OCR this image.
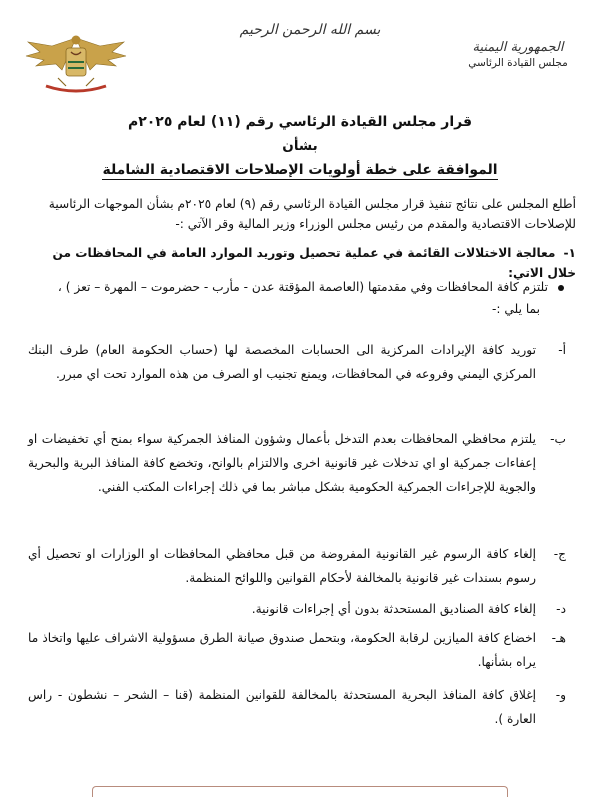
بسم الله الرحمن الرحيم
الجمهورية اليمنية
مجلس القيادة الرئاسي
قرار مجلس القيادة الرئاسي رقم (١١) لعام ٢٠٢٥م
بشأن
الموافقة على خطة أولويات الإصلاحات الاقتصادية الشاملة

أطلع المجلس على نتائج تنفيذ قرار مجلس القيادة الرئاسي رقم (٩) لعام ٢٠٢٥م بشأن الموجهات الرئاسية للإصلاحات الاقتصادية والمقدم من رئيس مجلس الوزراء وزير المالية وقر الآتي :-

١-معالجة الاختلالات القائمة في عملية تحصيل وتوريد الموارد العامة في المحافظات من خلال الاتي:

تلتزم كافة المحافظات وفي مقدمتها (العاصمة المؤقتة عدن - مأرب - حضرموت – المهرة – تعز ) ،

بما يلي :-

أ-
توريد كافة الإيرادات المركزية الى الحسابات المخصصة لها (حساب الحكومة العام) طرف البنك المركزي اليمني وفروعه في المحافظات، ويمنع تجنيب او الصرف من هذه الموارد تحت اي مبرر.
ب-
يلتزم محافظي المحافظات بعدم التدخل بأعمال وشؤون المنافذ الجمركية سواء بمنح أي تخفيضات او إعفاءات جمركية او اي تدخلات غير قانونية اخرى والالتزام بالوانح، وتخضع كافة المنافذ البرية والبحرية والجوية للإجراءات الجمركية الحكومية بشكل مباشر بما في ذلك إجراءات المكتب الفني.
ج-
إلغاء كافة الرسوم غير القانونية المفروضة من قبل محافظي المحافظات او الوزارات او تحصيل أي رسوم بسندات غير قانونية بالمخالفة لأحكام القوانين واللوائح المنظمة.
د-
إلغاء كافة الصناديق المستحدثة بدون أي إجراءات قانونية.
هـ-
اخضاع كافة الميازين لرقابة الحكومة، وبتحمل صندوق صيانة الطرق مسؤولية الاشراف عليها واتخاذ ما يراه بشأنها.
و-
إغلاق كافة المنافذ البحرية المستحدثة بالمخالفة للقوانين المنظمة (قنا – الشحر – نشطون - راس العارة ).
